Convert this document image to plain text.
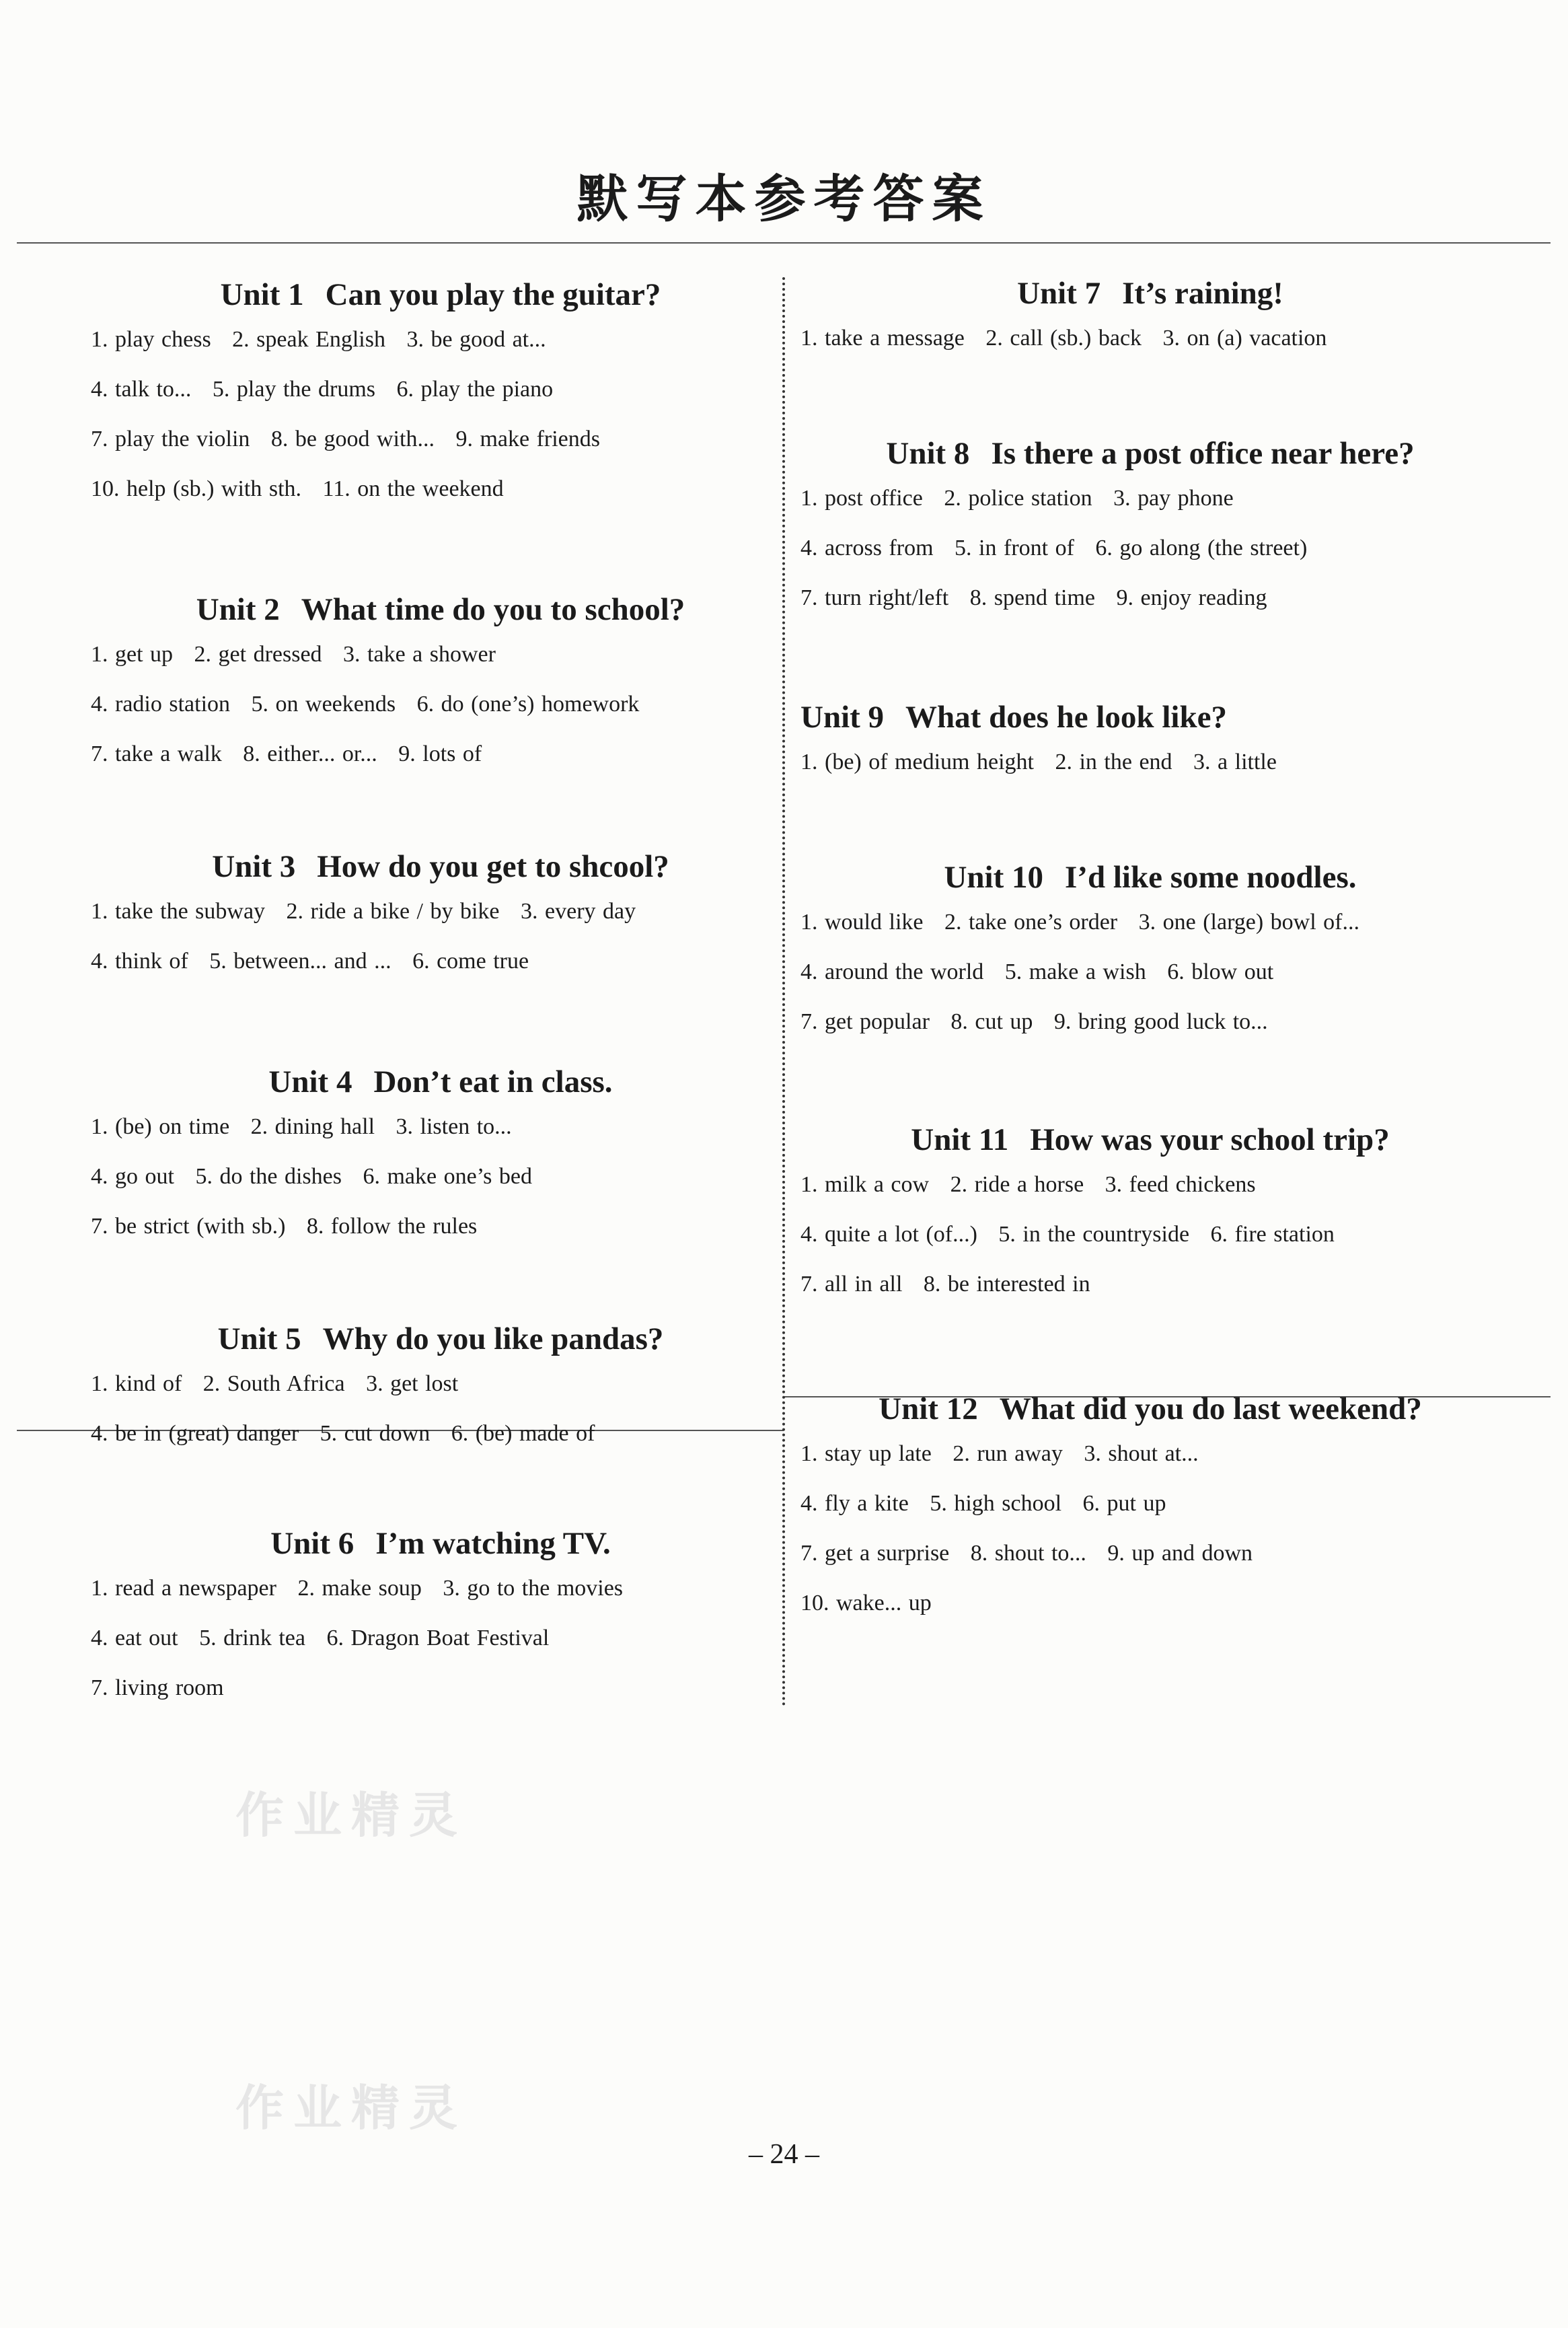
默写本参考答案
作业精灵
作业精灵
Unit 1 Can you play the guitar?
1. play chess   2. speak English   3. be good at...
4. talk to...   5. play the drums   6. play the piano
7. play the violin   8. be good with...   9. make friends
10. help (sb.) with sth.   11. on the weekend
Unit 2 What time do you to school?
1. get up   2. get dressed   3. take a shower
4. radio station   5. on weekends   6. do (one’s) homework
7. take a walk   8. either... or...   9. lots of
Unit 3 How do you get to shcool?
1. take the subway   2. ride a bike / by bike   3. every day
4. think of   5. between... and ...   6. come true
Unit 4 Don’t eat in class.
1. (be) on time   2. dining hall   3. listen to...
4. go out   5. do the dishes   6. make one’s bed
7. be strict (with sb.)   8. follow the rules
Unit 5 Why do you like pandas?
1. kind of   2. South Africa   3. get lost
4. be in (great) danger   5. cut down   6. (be) made of
Unit 6 I’m watching TV.
1. read a newspaper   2. make soup   3. go to the movies
4. eat out   5. drink tea   6. Dragon Boat Festival
7. living room
Unit 7 It’s raining!
1. take a message   2. call (sb.) back   3. on (a) vacation
Unit 8 Is there a post office near here?
1. post office   2. police station   3. pay phone
4. across from   5. in front of   6. go along (the street)
7. turn right/left   8. spend time   9. enjoy reading
Unit 9 What does he look like?
1. (be) of medium height   2. in the end   3. a little
Unit 10 I’d like some noodles.
1. would like   2. take one’s order   3. one (large) bowl of...
4. around the world   5. make a wish   6. blow out
7. get popular   8. cut up   9. bring good luck to...
Unit 11 How was your school trip?
1. milk a cow   2. ride a horse   3. feed chickens
4. quite a lot (of...)   5. in the countryside   6. fire station
7. all in all   8. be interested in
Unit 12 What did you do last weekend?
1. stay up late   2. run away   3. shout at...
4. fly a kite   5. high school   6. put up
7. get a surprise   8. shout to...   9. up and down
10. wake... up
– 24 –
